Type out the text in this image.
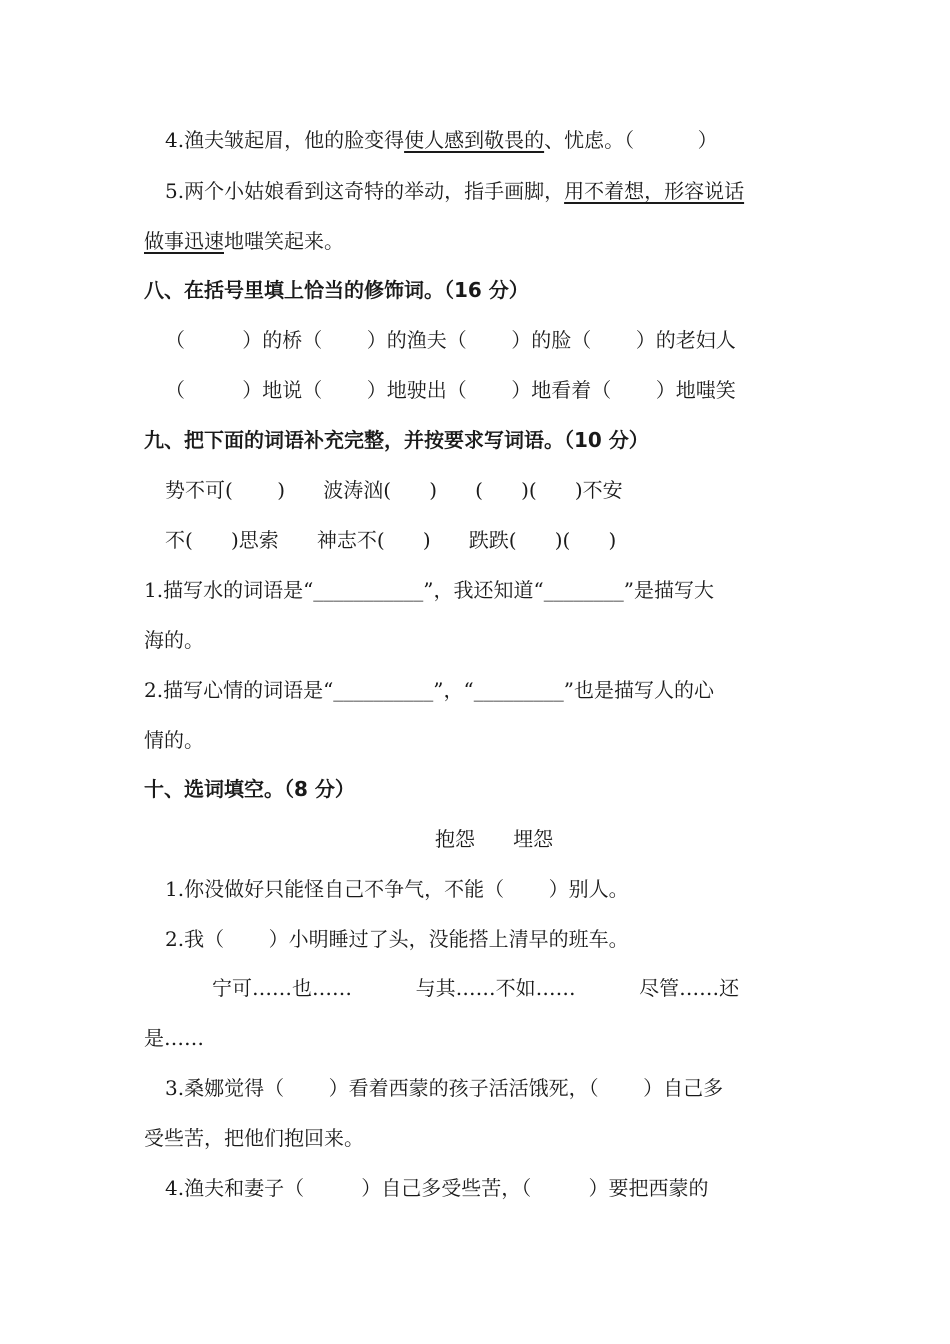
4.渔夫皱起眉，他的脸变得使人感到敬畏的、忧虑。（          ）
5.两个小姑娘看到这奇特的举动，指手画脚，用不着想，形容说话
做事迅速地嗤笑起来。
八、在括号里填上恰当的修饰词。（16 分）
（         ）的桥（       ）的渔夫（       ）的脸（       ）的老妇人
（         ）地说（       ）地驶出（       ）地看着（       ）地嗤笑
九、把下面的词语补充完整，并按要求写词语。（10 分）
势不可(       )      波涛汹(      )      (      )(      )不安
不(      )思索      神志不(      )      跌跌(      )(      )
1.描写水的词语是“___________”，我还知道“________”是描写大
海的。
2.描写心情的词语是“__________”，“_________”也是描写人的心
情的。
十、选词填空。（8 分）
抱怨      埋怨
1.你没做好只能怪自己不争气，不能（       ）别人。
2.我（       ）小明睡过了头，没能搭上清早的班车。
宁可……也……          与其……不如……          尽管……还
是……
3.桑娜觉得（       ）看着西蒙的孩子活活饿死，（       ）自己多
受些苦，把他们抱回来。
4.渔夫和妻子（         ）自己多受些苦，（         ）要把西蒙的
